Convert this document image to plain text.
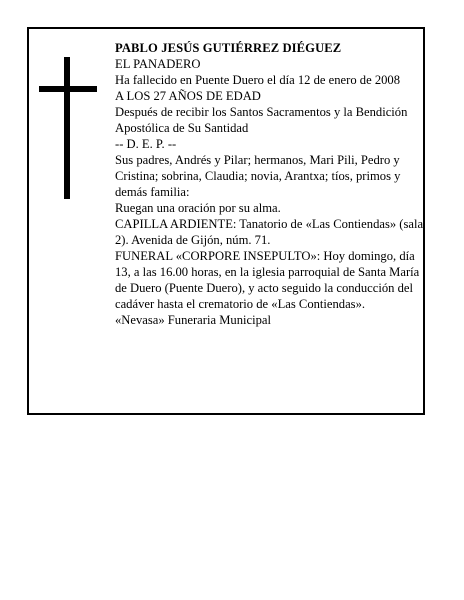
PABLO JESÚS GUTIÉRREZ DIÉGUEZ

EL PANADERO

Ha fallecido en Puente Duero el día 12 de enero de 2008

A LOS 27 AÑOS DE EDAD

Después de recibir los Santos Sacramentos y la Bendición Apostólica de Su Santidad

-- D. E. P. --

Sus padres, Andrés y Pilar; hermanos, Mari Pili, Pedro y Cristina; sobrina, Claudia; novia, Arantxa; tíos, primos y demás familia:

Ruegan una oración por su alma.

CAPILLA ARDIENTE: Tanatorio de «Las Contiendas» (sala 2). Avenida de Gijón, núm. 71.

FUNERAL «CORPORE INSEPULTO»: Hoy domingo, día 13, a las 16.00 horas, en la iglesia parroquial de Santa María de Duero (Puente Duero), y acto seguido la conducción del cadáver hasta el crematorio de «Las Contiendas».

«Nevasa» Funeraria Municipal
